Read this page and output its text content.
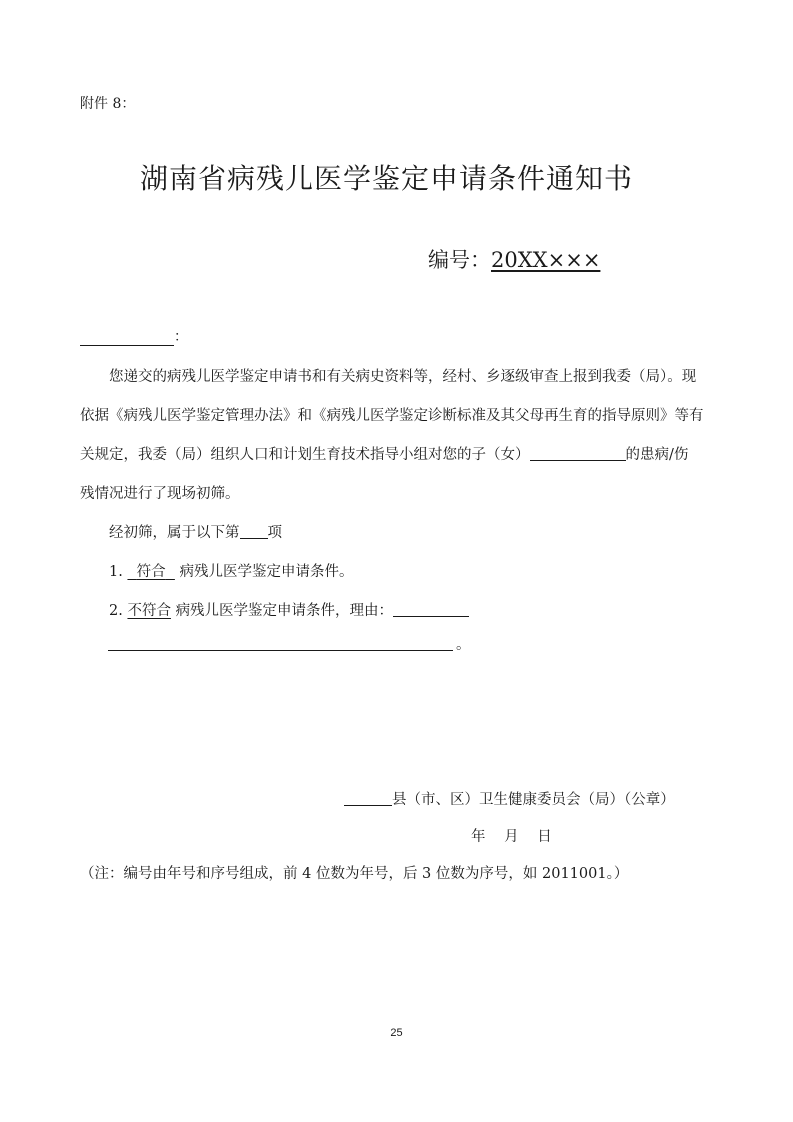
附件 8：
湖南省病残儿医学鉴定申请条件通知书
编号：20XX×××
：
您递交的病残儿医学鉴定申请书和有关病史资料等，经村、乡逐级审查上报到我委（局）。现
依据《病残儿医学鉴定管理办法》和《病残儿医学鉴定诊断标准及其父母再生育的指导原则》等有
关规定，我委（局）组织人口和计划生育技术指导小组对您的子（女）	的患病/伤
残情况进行了现场初筛。
经初筛，属于以下第 项
1. 符合 病残儿医学鉴定申请条件。
2. 不符合 病残儿医学鉴定申请条件，理由：
。
县（市、区）卫生健康委员会（局）（公章）
年 月 日
（注：编号由年号和序号组成，前 4 位数为年号，后 3 位数为序号，如 2011001。）
25
